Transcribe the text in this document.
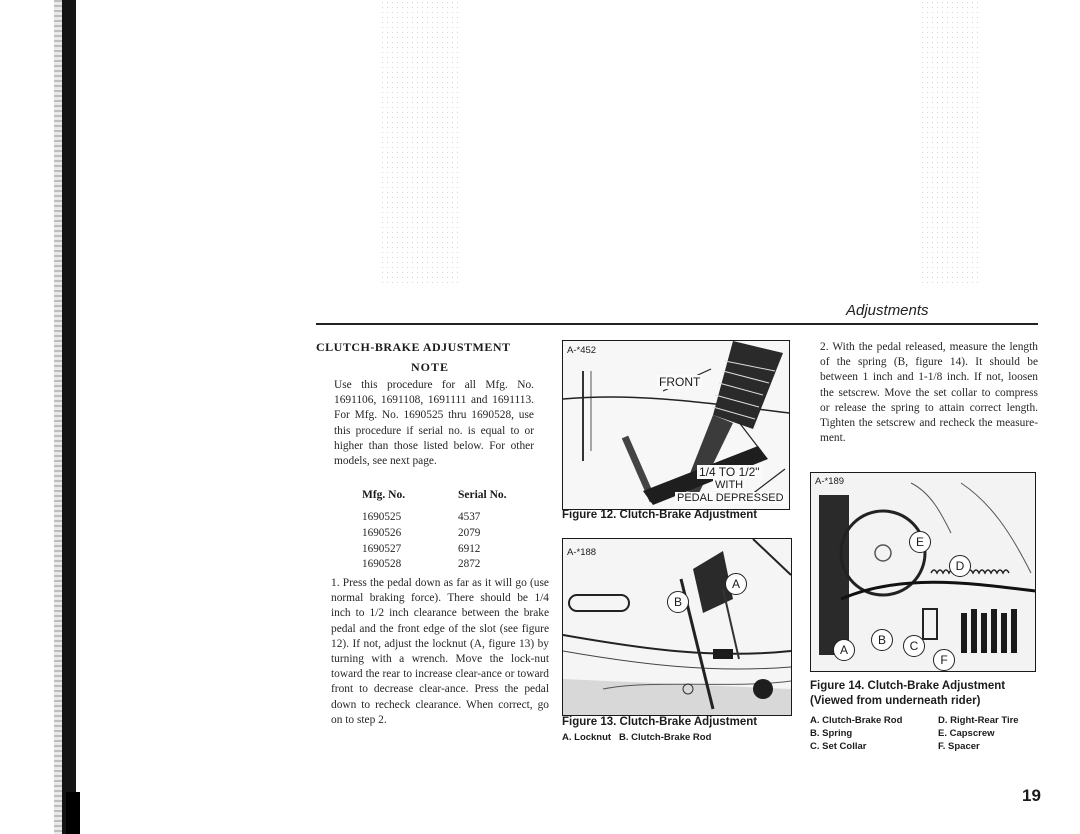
Adjustments
CLUTCH-BRAKE ADJUSTMENT
NOTE
Use this procedure for all Mfg. No. 1691106, 1691108, 1691111 and 1691113. For Mfg. No. 1690525 thru 1690528, use this procedure if serial no. is equal to or higher than those listed below. For other models, see next page.
Mfg. No.	Serial No.
1690525	4537
1690526	2079
1690527	6912
1690528	2872
1. Press the pedal down as far as it will go (use normal braking force). There should be 1/4 inch to 1/2 inch clearance between the brake pedal and the front edge of the slot (see figure 12). If not, adjust the locknut (A, figure 13) by turning with a wrench. Move the lock-nut toward the rear to increase clear-ance or toward front to decrease clear-ance. Press the pedal down to recheck clearance. When correct, go on to step 2.
A-*452
FRONT
1/4 TO 1/2"
WITH
PEDAL DEPRESSED
Figure 12. Clutch-Brake Adjustment
A-*188
A
B
Figure 13. Clutch-Brake Adjustment
A. Locknut   B. Clutch-Brake Rod
2. With the pedal released, measure the length of the spring (B, figure 14). It should be between 1 inch and 1-1/8 inch. If not, loosen the setscrew. Move the set collar to compress or release the spring to attain correct length. Tighten the setscrew and recheck the measure-ment.
A-*189
E
D
A
B	C
F
Figure 14. Clutch-Brake Adjustment
(Viewed from underneath rider)
A. Clutch-Brake Rod
B. Spring
C. Set Collar
D. Right-Rear Tire
E. Capscrew
F. Spacer
19
